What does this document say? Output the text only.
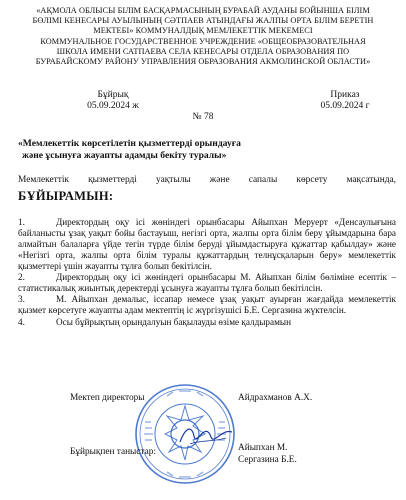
«АҚМОЛА ОБЛЫСЫ БІЛІМ БАСҚАРМАСЫНЫҢ БУРАБАЙ АУДАНЫ БОЙЫНША БІЛІМ
БӨЛІМІ КЕНЕСАРЫ АУЫЛЫНЫҢ СӘТПАЕВ АТЫНДАҒЫ ЖАЛПЫ ОРТА БІЛІМ БЕРЕТІН
МЕКТЕБІ» КОММУНАЛДЫҚ МЕМЛЕКЕТТІК МЕКЕМЕСІ
КОММУНАЛЬНОЕ ГОСУДАРСТВЕННОЕ УЧРЕЖДЕНИЕ «ОБЩЕОБРАЗОВАТЕЛЬНАЯ
ШКОЛА ИМЕНИ САТПАЕВА СЕЛА КЕНЕСАРЫ ОТДЕЛА ОБРАЗОВАНИЯ ПО
БУРАБАЙСКОМУ РАЙОНУ УПРАВЛЕНИЯ ОБРАЗОВАНИЯ АКМОЛИНСКОЙ ОБЛАСТИ»
Бұйрық
05.09.2024 ж
Приказ
05.09.2024 г
№ 78
«Мемлекеттік көрсетілетін қызметтерді орындауға
және ұсынуға жауапты адамды бекіту туралы»
Мемлекеттік қызметтерді уақтылы және сапалы көрсету мақсатында,
БҰЙЫРАМЫН:
1.	Директордың оқу ісі жөніндегі орынбасары Айыпхан Меруерт «Денсаулығына байланысты ұзақ уақыт бойы бастауыш, негізгі орта, жалпы орта білім беру ұйымдарына бара алмайтын балаларға үйде тегін түрде білім беруді ұйымдастыруға құжаттар қабылдау» және «Негізгі орта, жалпы орта білім туралы құжаттардың телнұсқаларын беру» мемлекеттік қызметтері үшін жауапты тұлға болып бекітілсін.
2.	Директордың оқу ісі жөніндегі орынбасары М. Айыпхан білім бөліміне есептік – статистикалық жиынтық деректерді ұсынуға жауапты тұлға болып бекітілсін.
3.	М. Айыпхан демалыс, іссапар немесе ұзақ уақыт ауырған жағдайда мемлекеттік қызмет көрсетуге жауапты адам мектептің іс жүргізушісі Б.Е. Сергазина жүктелсін.
4.	Осы бұйрықтың орындалуын бақылауды өзіме қалдырамын
Мектеп директоры	Айдрахманов А.Х.
Бұйрықпен таныстар:	Айыпхан М.
Сергазина Б.Е.
